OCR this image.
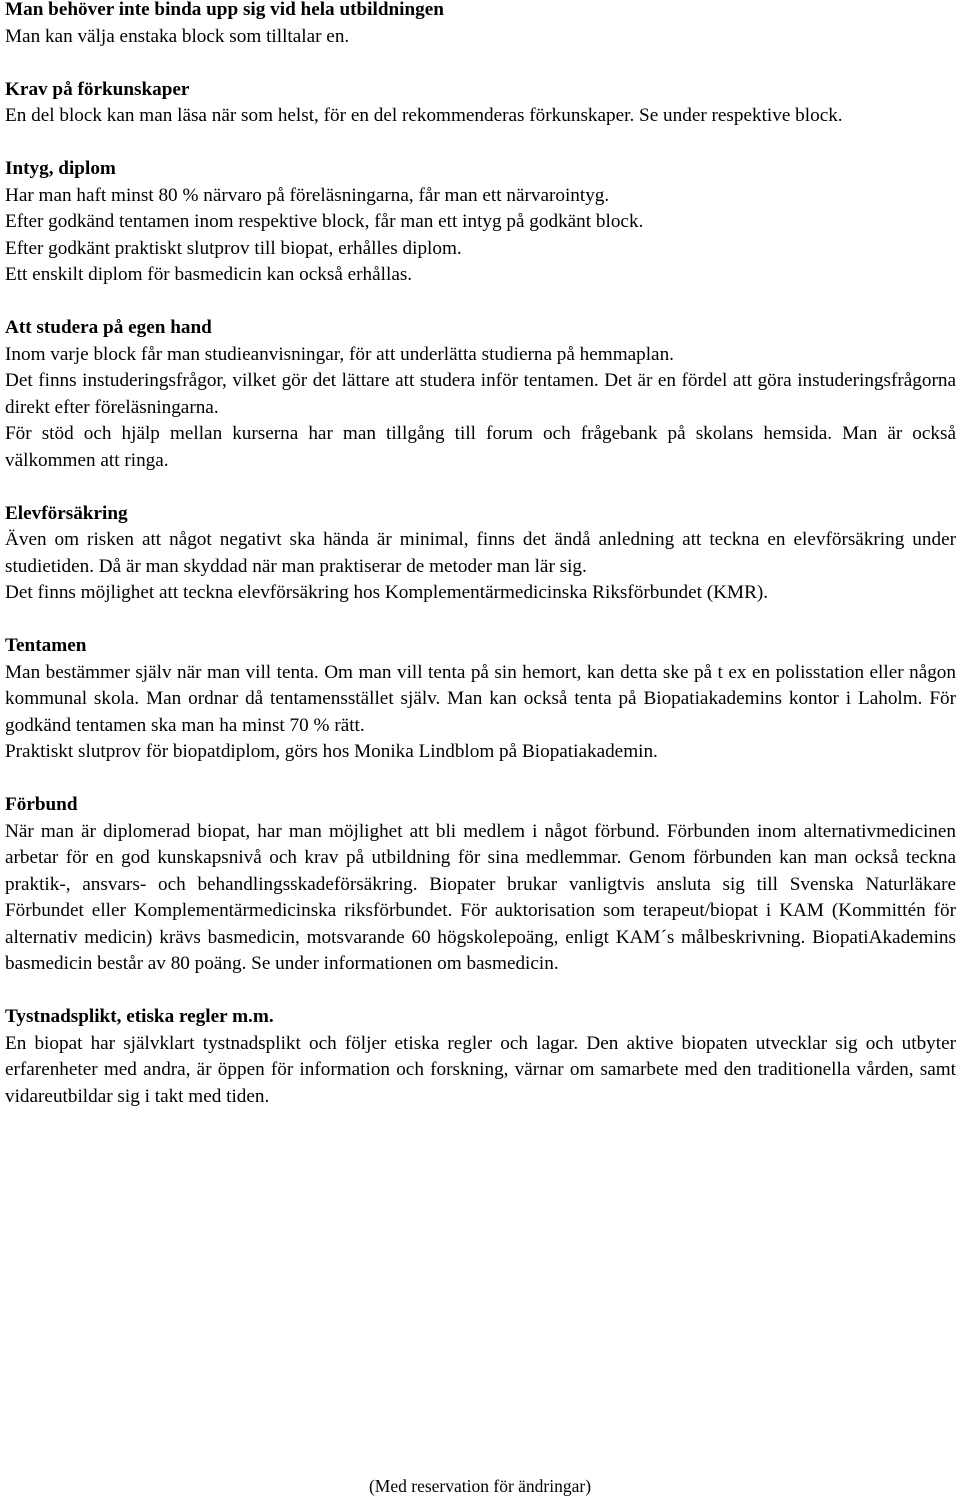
Man behöver inte binda upp sig vid hela utbildningen

Man kan välja enstaka block som tilltalar en.

Krav på förkunskaper

En del block kan man läsa när som helst, för en del rekommenderas förkunskaper. Se under respektive block.

Intyg, diplom

Har man haft minst 80 % närvaro på föreläsningarna, får man ett närvarointyg.

Efter godkänd tentamen inom respektive block, får man ett intyg på godkänt block.

Efter godkänt praktiskt slutprov till biopat, erhålles diplom.

Ett enskilt diplom för basmedicin kan också erhållas.

Att studera på egen hand

Inom varje block får man studieanvisningar, för att underlätta studierna på hemmaplan.

Det finns instuderingsfrågor, vilket gör det lättare att studera inför tentamen. Det är en fördel att göra instuderingsfrågorna direkt efter föreläsningarna.

För stöd och hjälp mellan kurserna har man tillgång till forum och frågebank på skolans hemsida. Man är också välkommen att ringa.

Elevförsäkring

Även om risken att något negativt ska hända är minimal, finns det ändå anledning att teckna en elevförsäkring under studietiden. Då är man skyddad när man praktiserar de metoder man lär sig.

Det finns möjlighet att teckna elevförsäkring hos Komplementärmedicinska Riksförbundet (KMR).

Tentamen

Man bestämmer själv när man vill tenta. Om man vill tenta på sin hemort, kan detta ske på t ex en polisstation eller någon kommunal skola. Man ordnar då tentamensstället själv. Man kan också tenta på Biopatiakademins kontor i Laholm. För godkänd tentamen ska man ha minst 70 % rätt.

Praktiskt slutprov för biopatdiplom, görs hos Monika Lindblom på Biopatiakademin.

Förbund

När man är diplomerad biopat, har man möjlighet att bli medlem i något förbund. Förbunden inom alternativmedicinen arbetar för en god kunskapsnivå och krav på utbildning för sina medlemmar. Genom förbunden kan man också teckna praktik-, ansvars- och behandlingsskadeförsäkring. Biopater brukar vanligtvis ansluta sig till Svenska Naturläkare Förbundet eller Komplementärmedicinska riksförbundet. För auktorisation som terapeut/biopat i KAM (Kommittén för alternativ medicin) krävs basmedicin, motsvarande 60 högskolepoäng, enligt KAM´s målbeskrivning. BiopatiAkademins basmedicin består av 80 poäng. Se under informationen om basmedicin.

Tystnadsplikt, etiska regler m.m.

En biopat har självklart tystnadsplikt och följer etiska regler och lagar. Den aktive biopaten utvecklar sig och utbyter erfarenheter med andra, är öppen för information och forskning, värnar om samarbete med den traditionella vården, samt vidareutbildar sig i takt med tiden.

(Med reservation för ändringar)
